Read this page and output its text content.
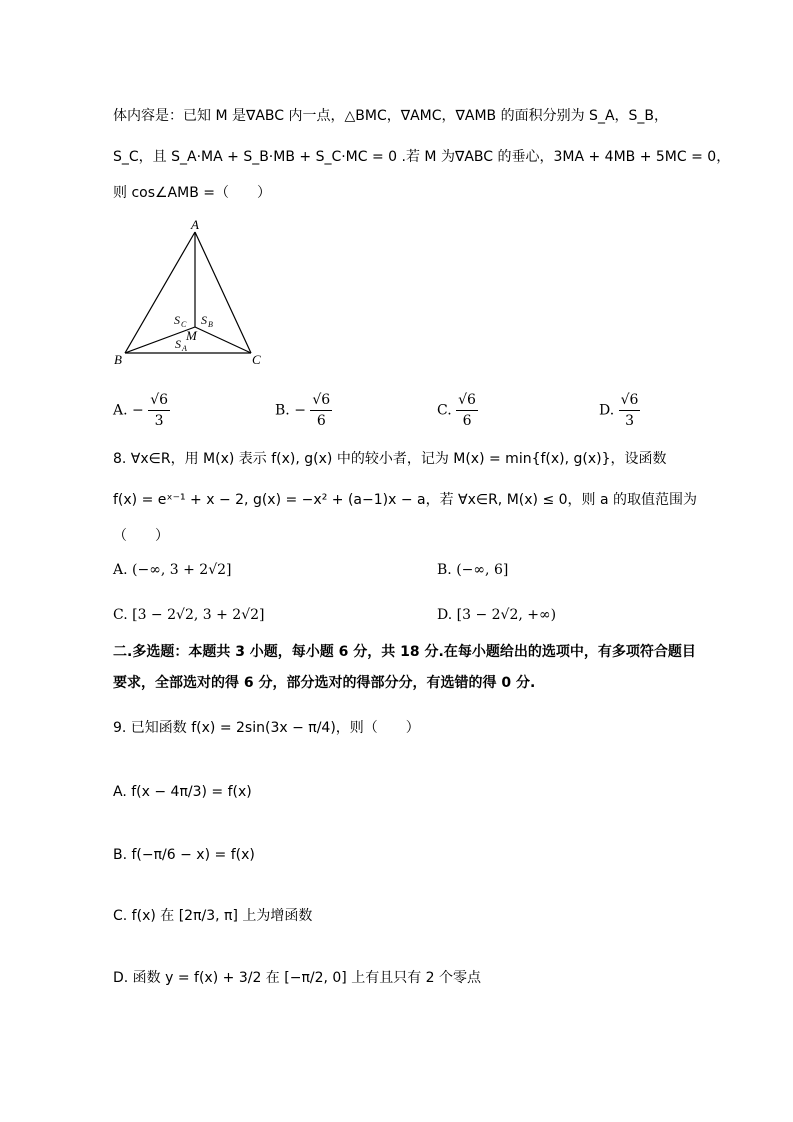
体内容是：已知 M 是∇ABC 内一点，△BMC，∇AMC，∇AMB 的面积分别为 S_A，S_B，
S_C，且 S_A·MA + S_B·MB + S_C·MC = 0 .若 M 为∇ABC 的垂心，3MA + 4MB + 5MC = 0，
则 cos∠AMB =（　　）
A
B	C
M
S C S B
S A
A. − $\frac{√6}{3}$	B. − $\frac{√6}{6}$	C. $\frac{√6}{6}$	D. $\frac{√6}{3}$
8. ∀x∈R，用 M(x) 表示 f(x), g(x) 中的较小者，记为 M(x) = min{f(x), g(x)}，设函数
f(x) = eˣ⁻¹ + x − 2, g(x) = −x² + (a−1)x − a，若 ∀x∈R, M(x) ≤ 0，则 a 的取值范围为
（　　）
A. (−∞, 3 + 2√2]	B. (−∞, 6]
C. [3 − 2√2, 3 + 2√2]	D. [3 − 2√2, +∞)
二.多选题：本题共 3 小题，每小题 6 分，共 18 分.在每小题给出的选项中，有多项符合题目
要求，全部选对的得 6 分，部分选对的得部分分，有选错的得 0 分.
9. 已知函数 f(x) = 2sin(3x − π/4)，则（　　）
A. f(x − 4π/3) = f(x)
B. f(−π/6 − x) = f(x)
C. f(x) 在 [2π/3, π] 上为增函数
D. 函数 y = f(x) + 3/2 在 [−π/2, 0] 上有且只有 2 个零点
